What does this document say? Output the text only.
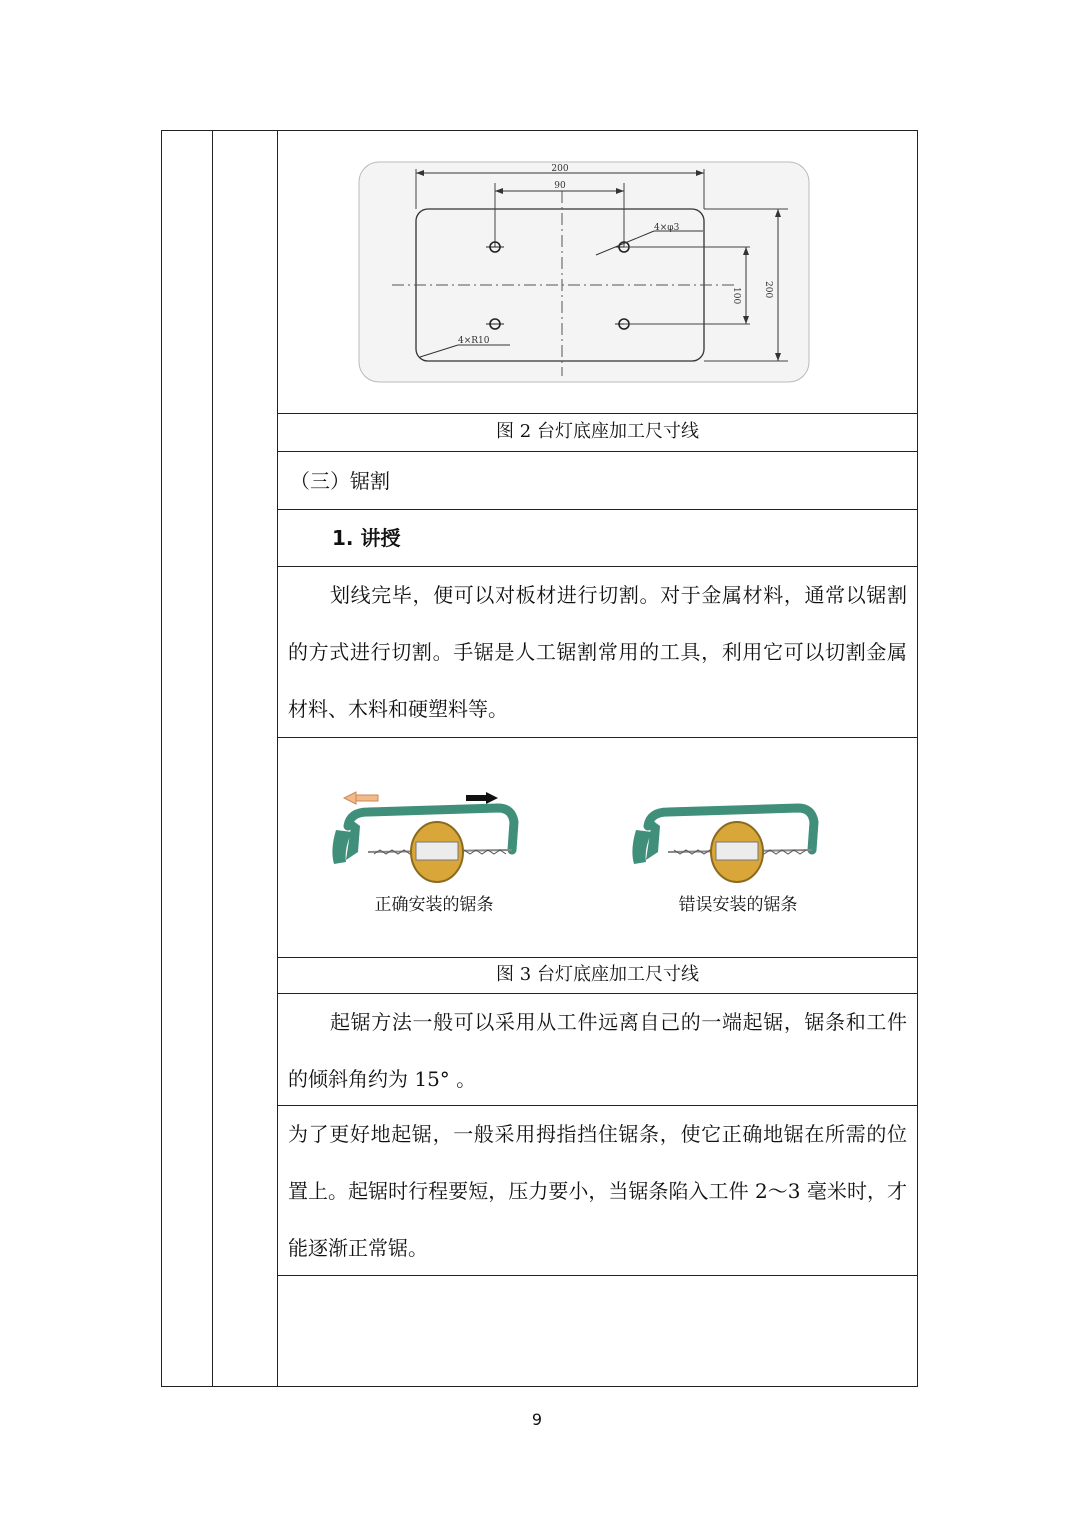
200
90
100 200
4×φ3
4×R10
图 2 台灯底座加工尺寸线
（三）锯割
1. 讲授
划线完毕，便可以对板材进行切割。对于金属材料，通常以锯割的方式进行切割。手锯是人工锯割常用的工具，利用它可以切割金属材料、木料和硬塑料等。
正确安装的锯条	错误安装的锯条
图 3 台灯底座加工尺寸线
起锯方法一般可以采用从工件远离自己的一端起锯，锯条和工件的倾斜角约为 15° 。
为了更好地起锯，一般采用拇指挡住锯条，使它正确地锯在所需的位置上。起锯时行程要短，压力要小，当锯条陷入工件 2～3 毫米时，才能逐渐正常锯。
9
